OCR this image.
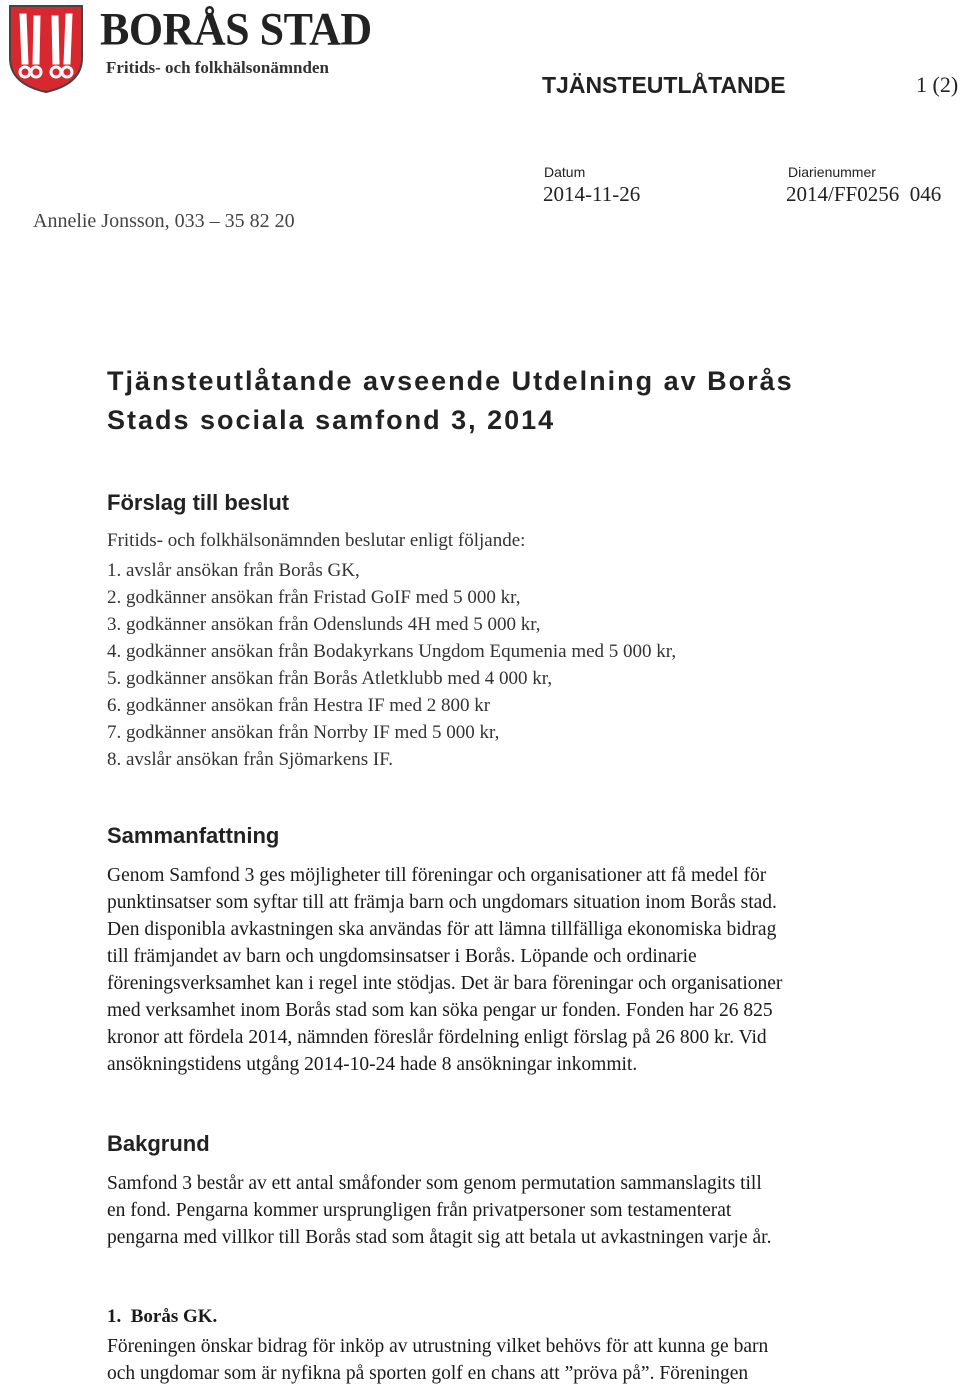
BORÅS STAD
Fritids- och folkhälsonämnden
TJÄNSTEUTLÅTANDE	1 (2)
Datum
2014-11-26
Diarienummer
2014/FF0256  046
Annelie Jonsson, 033 – 35 82 20
Tjänsteutlåtande avseende Utdelning av Borås Stads sociala samfond 3, 2014
Förslag till beslut
Fritids- och folkhälsonämnden beslutar enligt följande:
1. avslår ansökan från Borås GK,
2. godkänner ansökan från Fristad GoIF med 5 000 kr,
3. godkänner ansökan från Odenslunds 4H med 5 000 kr,
4. godkänner ansökan från Bodakyrkans Ungdom Equmenia med 5 000 kr,
5. godkänner ansökan från Borås Atletklubb med 4 000 kr,
6. godkänner ansökan från Hestra IF med 2 800 kr
7. godkänner ansökan från Norrby IF med 5 000 kr,
8. avslår ansökan från Sjömarkens IF.
Sammanfattning
Genom Samfond 3 ges möjligheter till föreningar och organisationer att få medel för
punktinsatser som syftar till att främja barn och ungdomars situation inom Borås stad.
Den disponibla avkastningen ska användas för att lämna tillfälliga ekonomiska bidrag
till främjandet av barn och ungdomsinsatser i Borås. Löpande och ordinarie
föreningsverksamhet kan i regel inte stödjas. Det är bara föreningar och organisationer
med verksamhet inom Borås stad som kan söka pengar ur fonden. Fonden har 26 825
kronor att fördela 2014, nämnden föreslår fördelning enligt förslag på 26 800 kr. Vid
ansökningstidens utgång 2014-10-24 hade 8 ansökningar inkommit.
Bakgrund
Samfond 3 består av ett antal småfonder som genom permutation sammanslagits till
en fond. Pengarna kommer ursprungligen från privatpersoner som testamenterat
pengarna med villkor till Borås stad som åtagit sig att betala ut avkastningen varje år.
1.  Borås GK.
Föreningen önskar bidrag för inköp av utrustning vilket behövs för att kunna ge barn
och ungdomar som är nyfikna på sporten golf en chans att ”pröva på”. Föreningen
